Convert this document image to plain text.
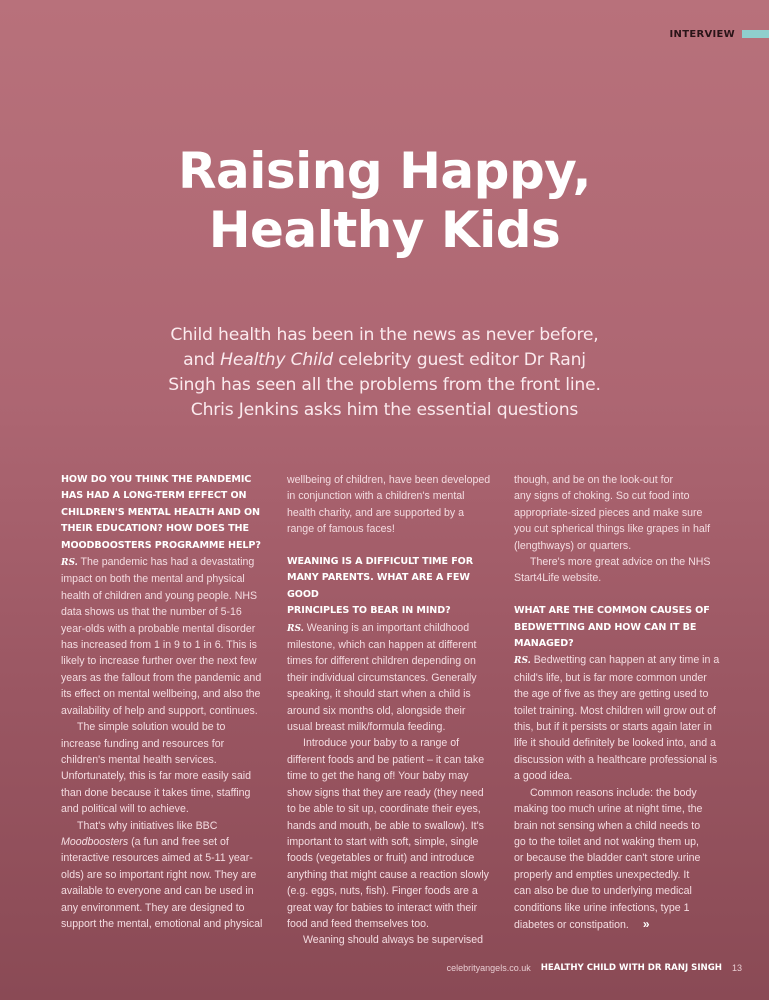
INTERVIEW
Raising Happy,
Healthy Kids
Child health has been in the news as never before,
and Healthy Child celebrity guest editor Dr Ranj
Singh has seen all the problems from the front line.
Chris Jenkins asks him the essential questions
HOW DO YOU THINK THE PANDEMIC
HAS HAD A LONG-TERM EFFECT ON
CHILDREN'S MENTAL HEALTH AND ON
THEIR EDUCATION? HOW DOES THE
MOODBOOSTERS PROGRAMME HELP?
RS. The pandemic has had a devastating
impact on both the mental and physical
health of children and young people. NHS
data shows us that the number of 5-16
year-olds with a probable mental disorder
has increased from 1 in 9 to 1 in 6. This is
likely to increase further over the next few
years as the fallout from the pandemic and
its effect on mental wellbeing, and also the
availability of help and support, continues.
The simple solution would be to
increase funding and resources for
children's mental health services.
Unfortunately, this is far more easily said
than done because it takes time, staffing
and political will to achieve.
That's why initiatives like BBC
Moodboosters (a fun and free set of
interactive resources aimed at 5-11 year-
olds) are so important right now. They are
available to everyone and can be used in
any environment. They are designed to
support the mental, emotional and physical
wellbeing of children, have been developed
in conjunction with a children's mental
health charity, and are supported by a
range of famous faces!
WEANING IS A DIFFICULT TIME FOR
MANY PARENTS. WHAT ARE A FEW GOOD
PRINCIPLES TO BEAR IN MIND?
RS. Weaning is an important childhood
milestone, which can happen at different
times for different children depending on
their individual circumstances. Generally
speaking, it should start when a child is
around six months old, alongside their
usual breast milk/formula feeding.
Introduce your baby to a range of
different foods and be patient – it can take
time to get the hang of! Your baby may
show signs that they are ready (they need
to be able to sit up, coordinate their eyes,
hands and mouth, be able to swallow). It's
important to start with soft, simple, single
foods (vegetables or fruit) and introduce
anything that might cause a reaction slowly
(e.g. eggs, nuts, fish). Finger foods are a
great way for babies to interact with their
food and feed themselves too.
Weaning should always be supervised
though, and be on the look-out for
any signs of choking. So cut food into
appropriate-sized pieces and make sure
you cut spherical things like grapes in half
(lengthways) or quarters.
There's more great advice on the NHS
Start4Life website.
WHAT ARE THE COMMON CAUSES OF
BEDWETTING AND HOW CAN IT BE
MANAGED?
RS. Bedwetting can happen at any time in a
child's life, but is far more common under
the age of five as they are getting used to
toilet training. Most children will grow out of
this, but if it persists or starts again later in
life it should definitely be looked into, and a
discussion with a healthcare professional is
a good idea.
Common reasons include: the body
making too much urine at night time, the
brain not sensing when a child needs to
go to the toilet and not waking them up,
or because the bladder can't store urine
properly and empties unexpectedly. It
can also be due to underlying medical
conditions like urine infections, type 1
diabetes or constipation. »
celebrityangels.co.uk HEALTHY CHILD WITH DR RANJ SINGH 13
